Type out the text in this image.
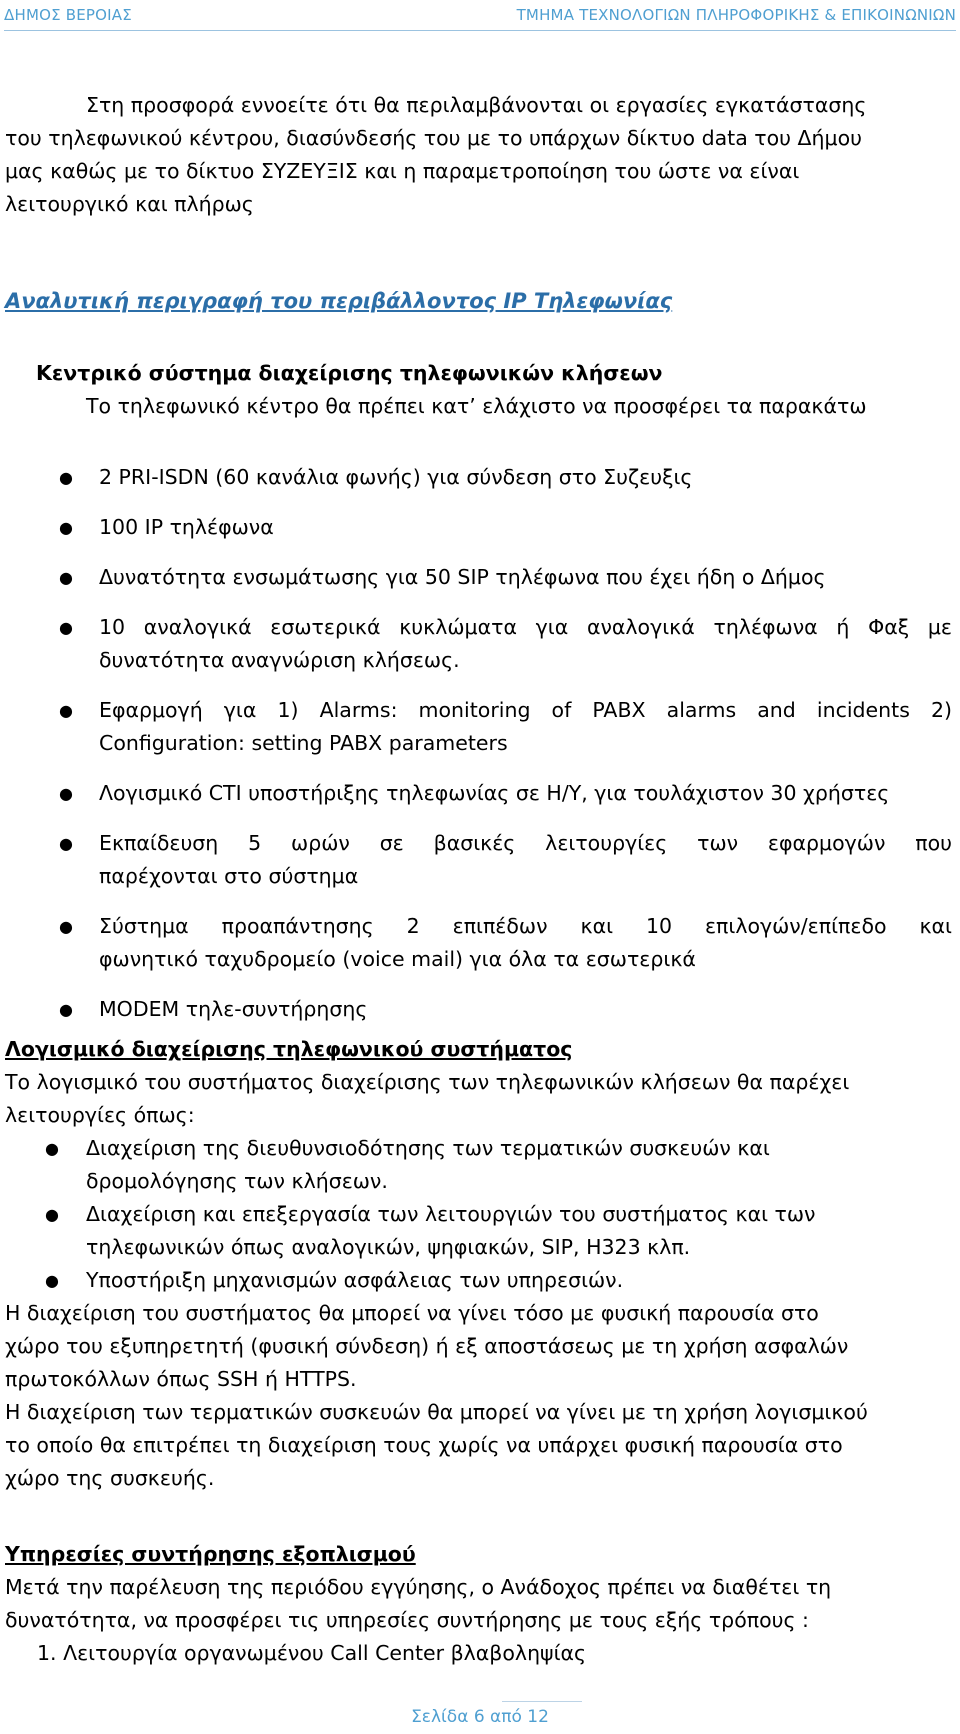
ΔΗΜΟΣ ΒΕΡΟΙΑΣ	ΤΜΗΜΑ ΤΕΧΝΟΛΟΓΙΩΝ ΠΛΗΡΟΦΟΡΙΚΗΣ & ΕΠΙΚΟΙΝΩΝΙΩΝ
Στη προσφορά εννοείτε ότι θα περιλαμβάνονται οι εργασίες εγκατάστασης
του τηλεφωνικού κέντρου, διασύνδεσής του με το υπάρχων δίκτυο data του Δήμου
μας καθώς με το δίκτυο ΣΥΖΕΥΞΙΣ και η παραμετροποίηση του ώστε να είναι
λειτουργικό και πλήρως
Αναλυτική περιγραφή του περιβάλλοντος IP Τηλεφωνίας
Κεντρικό σύστημα διαχείρισης τηλεφωνικών κλήσεων
Το τηλεφωνικό κέντρο θα πρέπει κατ’ ελάχιστο να προσφέρει τα παρακάτω
● 2 PRI-ISDN (60 κανάλια φωνής) για σύνδεση στο Συζευξις
● 100 IP τηλέφωνα
● Δυνατότητα ενσωμάτωσης για 50 SIP τηλέφωνα που έχει ήδη ο Δήμος
● 10 αναλογικά εσωτερικά κυκλώματα για αναλογικά τηλέφωνα ή Φαξ με
δυνατότητα αναγνώριση κλήσεως.
● Εφαρμογή για 1) Alarms: monitoring of PABX alarms and incidents 2)
Configuration: setting PABX parameters
● Λογισμικό CTI υποστήριξης τηλεφωνίας σε Η/Υ, για τουλάχιστον 30 χρήστες
● Εκπαίδευση 5 ωρών σε βασικές λειτουργίες των εφαρμογών που
παρέχονται στο σύστημα
● Σύστημα προαπάντησης 2 επιπέδων και 10 επιλογών/επίπεδο και
φωνητικό ταχυδρομείο (voice mail) για όλα τα εσωτερικά
● MODEM τηλε-συντήρησης
Λογισμικό διαχείρισης τηλεφωνικού συστήματος
Το λογισμικό του συστήματος διαχείρισης των τηλεφωνικών κλήσεων θα παρέχει
λειτουργίες όπως:
● Διαχείριση της διευθυνσιοδότησης των τερματικών συσκευών και
δρομολόγησης των κλήσεων.
● Διαχείριση και επεξεργασία των λειτουργιών του συστήματος και των
τηλεφωνικών όπως αναλογικών, ψηφιακών, SIP, H323 κλπ.
● Υποστήριξη μηχανισμών ασφάλειας των υπηρεσιών.
Η διαχείριση του συστήματος θα μπορεί να γίνει τόσο με φυσική παρουσία στο
χώρο του εξυπηρετητή (φυσική σύνδεση) ή εξ αποστάσεως με τη χρήση ασφαλών
πρωτοκόλλων όπως SSH ή HTTPS.
Η διαχείριση των τερματικών συσκευών θα μπορεί να γίνει με τη χρήση λογισμικού
το οποίο θα επιτρέπει τη διαχείριση τους χωρίς να υπάρχει φυσική παρουσία στο
χώρο της συσκευής.
Υπηρεσίες συντήρησης εξοπλισμού
Μετά την παρέλευση της περιόδου εγγύησης, ο Ανάδοχος πρέπει να διαθέτει τη
δυνατότητα, να προσφέρει τις υπηρεσίες συντήρησης με τους εξής τρόπους :
1. Λειτουργία οργανωμένου Call Center βλαβοληψίας
Σελίδα 6 από 12
